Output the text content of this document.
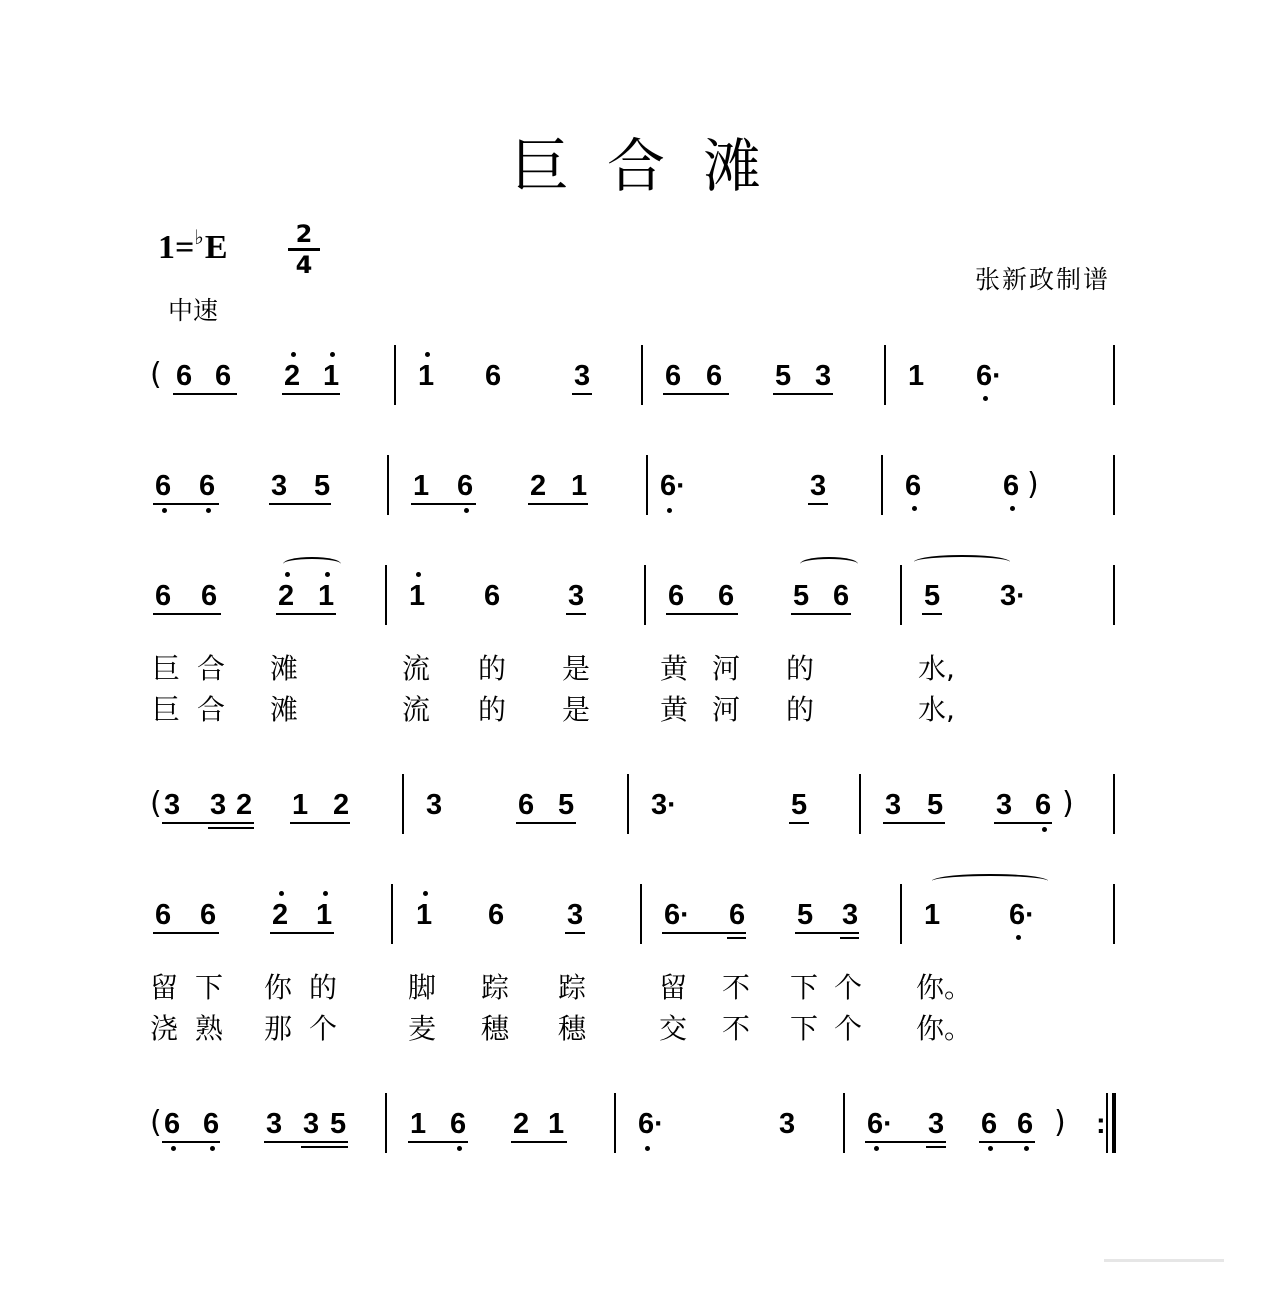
巨合滩
1=♭E	2
4	张新政制谱
中速
( 6 6 2 1	1 6	3	6 6 5 3	1 6·
6 6 3 5	1 6 2 1	6·	3	6	6 )
6 6 2 1	1 6 3	6 6 5 6	5 3·
巨 合 滩	流 的 是 黄 河 的	水,
巨 合 滩	流 的 是 黄 河 的	水,
( 3 3 2 1 2	3	6 5	3·	5	3 5 3 6 )
6 6 2 1	1 6 3	6· 6 5 3 1 6·
留 下 你 的	脚 踪 踪	留 不 下 个 你。
浇 熟 那 个	麦 穗 穗	交 不 下 个 你。
( 6 6 3 3 5 1 6 2 1	6·	3 6· 3 6 6 ) :
